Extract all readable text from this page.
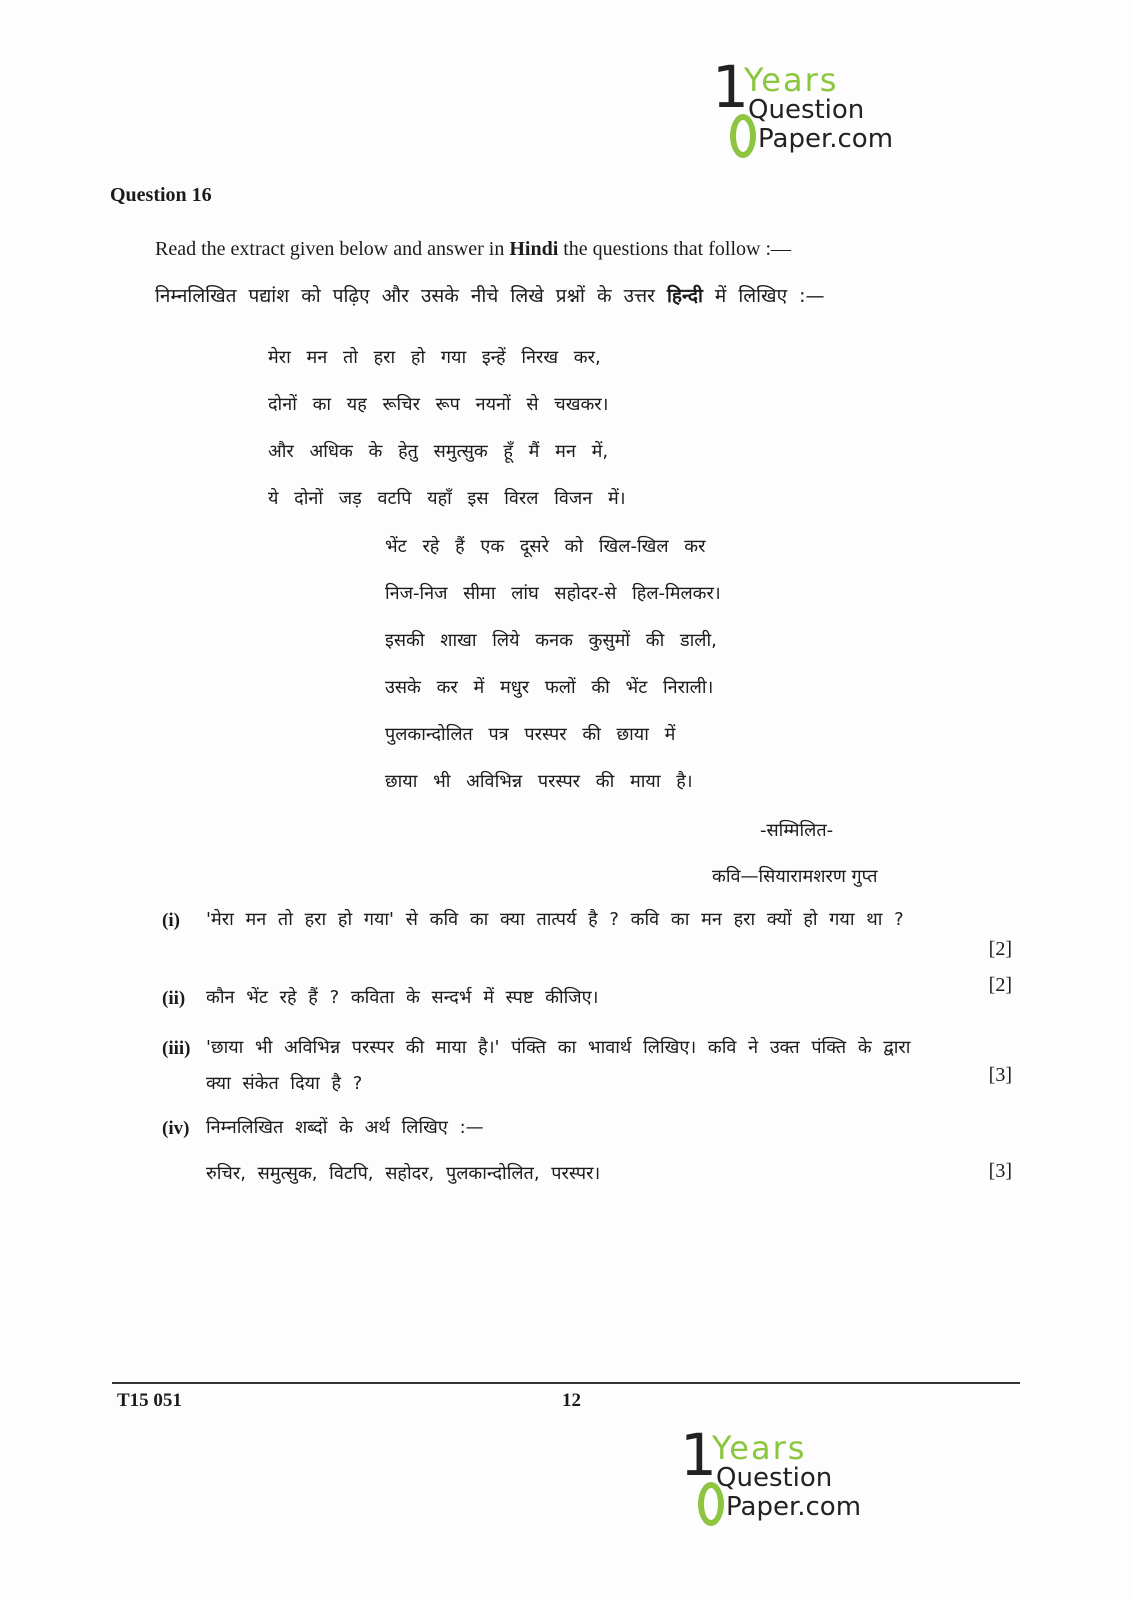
1
Years
Question
Paper.com
Question 16
Read the extract given below and answer in Hindi the questions that follow :—
निम्नलिखित पद्यांश को पढ़िए और उसके नीचे लिखे प्रश्नों के उत्तर हिन्दी में लिखिए :—
मेरा मन तो हरा हो गया इन्हें निरख कर,
दोनों का यह रूचिर रूप नयनों से चखकर।
और अधिक के हेतु समुत्सुक हूँ मैं मन में,
ये दोनों जड़ वटपि यहाँ इस विरल विजन में।
भेंट रहे हैं एक दूसरे को खिल-खिल कर
निज-निज सीमा लांघ सहोदर-से हिल-मिलकर।
इसकी शाखा लिये कनक कुसुमों की डाली,
उसके कर में मधुर फलों की भेंट निराली।
पुलकान्दोलित पत्र परस्पर की छाया में
छाया भी अविभिन्न परस्पर की माया है।
-सम्मिलित-
कवि—सियारामशरण गुप्त
(i) 'मेरा मन तो हरा हो गया' से कवि का क्या तात्पर्य है ? कवि का मन हरा क्यों हो गया था ?
[2]
(ii) कौन भेंट रहे हैं ? कविता के सन्दर्भ में स्पष्ट कीजिए।
[2]
(iii) 'छाया भी अविभिन्न परस्पर की माया है।' पंक्ति का भावार्थ लिखिए। कवि ने उक्त पंक्ति के द्वारा क्या संकेत दिया है ?	[3]
(iv) निम्नलिखित शब्दों के अर्थ लिखिए :—
रुचिर, समुत्सुक, विटपि, सहोदर, पुलकान्दोलित, परस्पर।	[3]
T15 051	12
1
Years
Question
Paper.com
